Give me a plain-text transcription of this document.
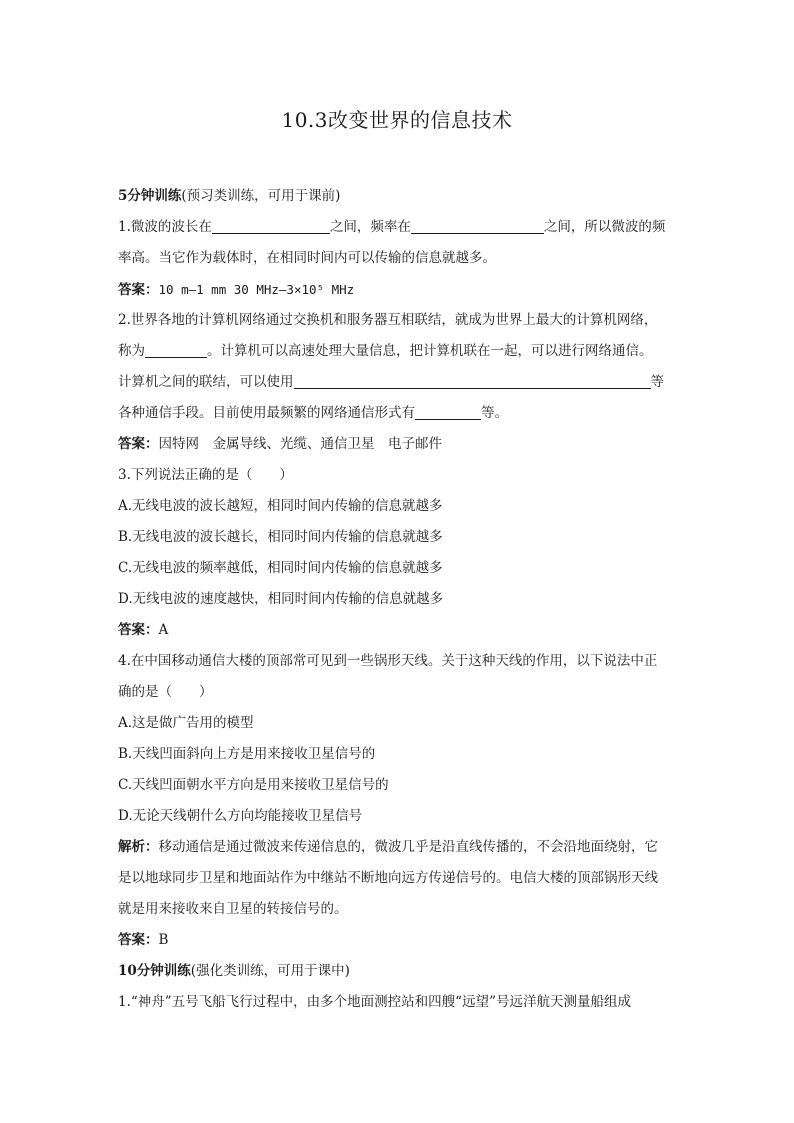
10.3改变世界的信息技术
5分钟训练(预习类训练，可用于课前)
1.微波的波长在	之间，频率在	之间，所以微波的频
率高。当它作为载体时，在相同时间内可以传输的信息就越多。
答案：10 m—1 mm 30 MHz—3×10⁵ MHz
2.世界各地的计算机网络通过交换机和服务器互相联结，就成为世界上最大的计算机网络，
称为	。计算机可以高速处理大量信息，把计算机联在一起，可以进行网络通信。
计算机之间的联结，可以使用	等
各种通信手段。目前使用最频繁的网络通信形式有	等。
答案：因特网　金属导线、光缆、通信卫星　电子邮件
3.下列说法正确的是（　　）
A.无线电波的波长越短，相同时间内传输的信息就越多
B.无线电波的波长越长，相同时间内传输的信息就越多
C.无线电波的频率越低，相同时间内传输的信息就越多
D.无线电波的速度越快，相同时间内传输的信息就越多
答案：A
4.在中国移动通信大楼的顶部常可见到一些锅形天线。关于这种天线的作用，以下说法中正
确的是（　　）
A.这是做广告用的模型
B.天线凹面斜向上方是用来接收卫星信号的
C.天线凹面朝水平方向是用来接收卫星信号的
D.无论天线朝什么方向均能接收卫星信号
解析：移动通信是通过微波来传递信息的，微波几乎是沿直线传播的，不会沿地面绕射，它
是以地球同步卫星和地面站作为中继站不断地向远方传递信号的。电信大楼的顶部锅形天线
就是用来接收来自卫星的转接信号的。
答案：B
10分钟训练(强化类训练，可用于课中)
1.“神舟”五号飞船飞行过程中，由多个地面测控站和四艘“远望”号远洋航天测量船组成
